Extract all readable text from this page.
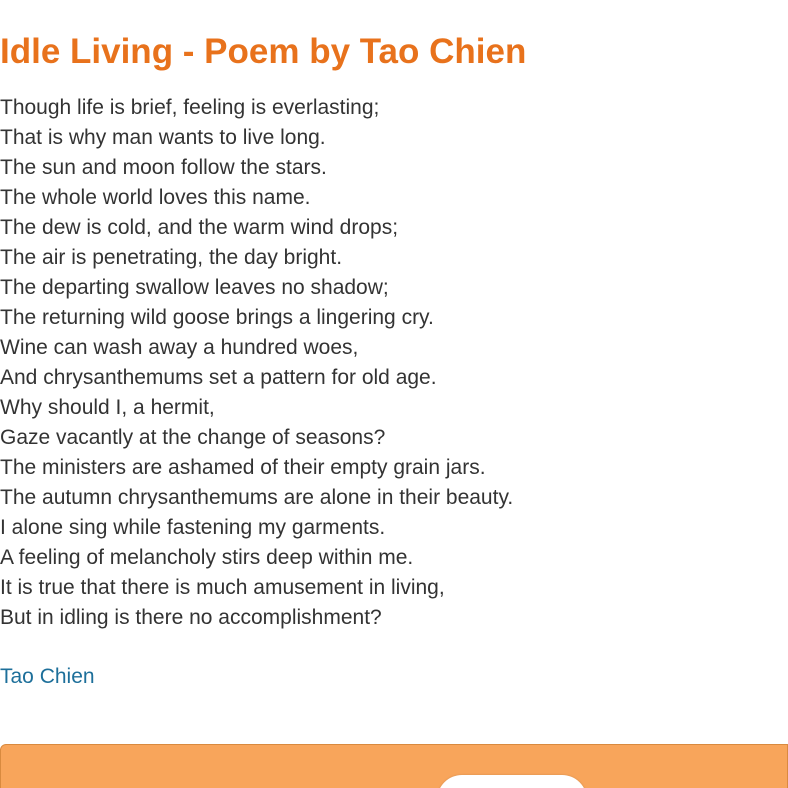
Idle Living - Poem by Tao Chien
Though life is brief, feeling is everlasting;
That is why man wants to live long.
The sun and moon follow the stars.
The whole world loves this name.
The dew is cold, and the warm wind drops;
The air is penetrating, the day bright.
The departing swallow leaves no shadow;
The returning wild goose brings a lingering cry.
Wine can wash away a hundred woes,
And chrysanthemums set a pattern for old age.
Why should I, a hermit,
Gaze vacantly at the change of seasons?
The ministers are ashamed of their empty grain jars.
The autumn chrysanthemums are alone in their beauty.
I alone sing while fastening my garments.
A feeling of melancholy stirs deep within me.
It is true that there is much amusement in living,
But in idling is there no accomplishment?
Tao Chien
